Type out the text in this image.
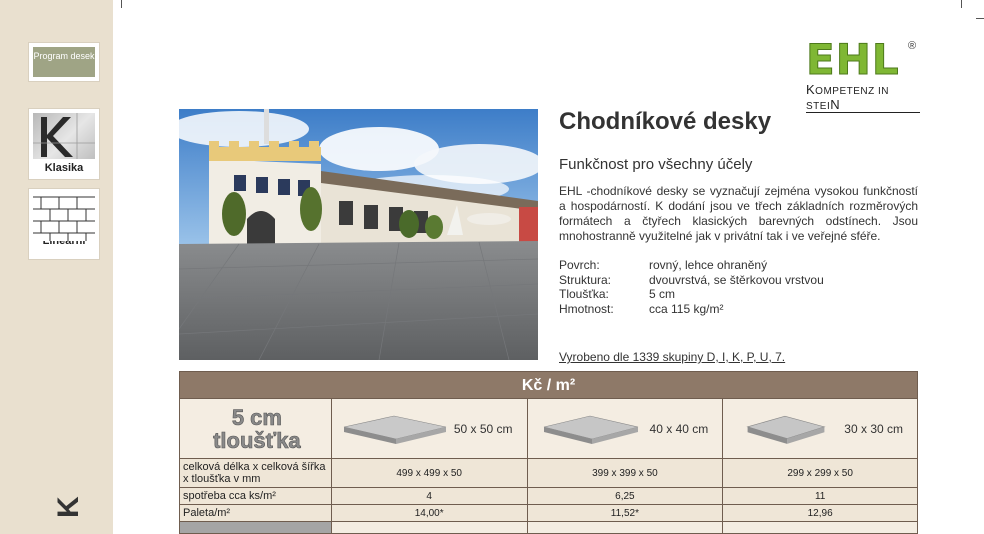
Program desek
Klasika
K
EHL ®
KOMPETENZ IN STEIN
Chodníkové desky
Funkčnost pro všechny účely
EHL -chodníkové desky se vyznačují zejména vysokou funkčností a hospodárností. K dodání jsou ve třech základních rozměrových formátech a čtyřech klasických barevných odstínech. Jsou mnohostranně využitelné jak v privátní tak i ve veřejné sféře.
Povrch:	rovný, lehce ohraněný
Struktura:	dvouvrstvá, se štěrkovou vrstvou
Tloušťka:	5 cm
Hmotnost:	cca 115 kg/m²
Vyrobeno dle 1339 skupiny D, I, K, P, U, 7.
Kč / m²
5 cm
tloušťka	50 x 50 cm	40 x 40 cm	30 x 30 cm
celková délka x celková šířka x tloušťka v mm	499 x 499 x 50	399 x 399 x 50	299 x 299 x 50
spotřeba cca ks/m²	4	6,25	11
Paleta/m²	14,00*	11,52*	12,96
